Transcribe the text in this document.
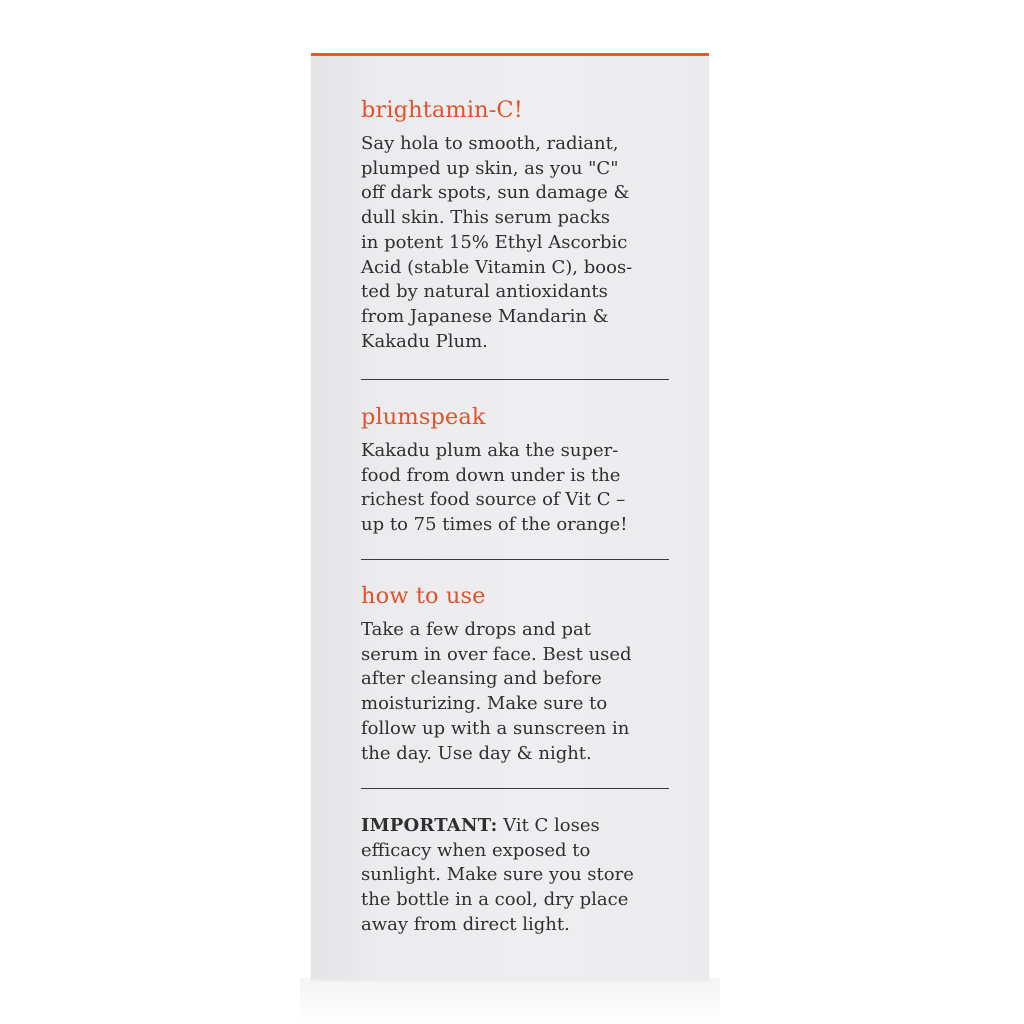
brightamin-C!
Say hola to smooth, radiant,
plumped up skin, as you "C"
off dark spots, sun damage &
dull skin. This serum packs
in potent 15% Ethyl Ascorbic
Acid (stable Vitamin C), boos-
ted by natural antioxidants
from Japanese Mandarin &
Kakadu Plum.
plumspeak
Kakadu plum aka the super-
food from down under is the
richest food source of Vit C –
up to 75 times of the orange!
how to use
Take a few drops and pat
serum in over face. Best used
after cleansing and before
moisturizing. Make sure to
follow up with a sunscreen in
the day. Use day & night.
IMPORTANT: Vit C loses
efficacy when exposed to
sunlight. Make sure you store
the bottle in a cool, dry place
away from direct light.
